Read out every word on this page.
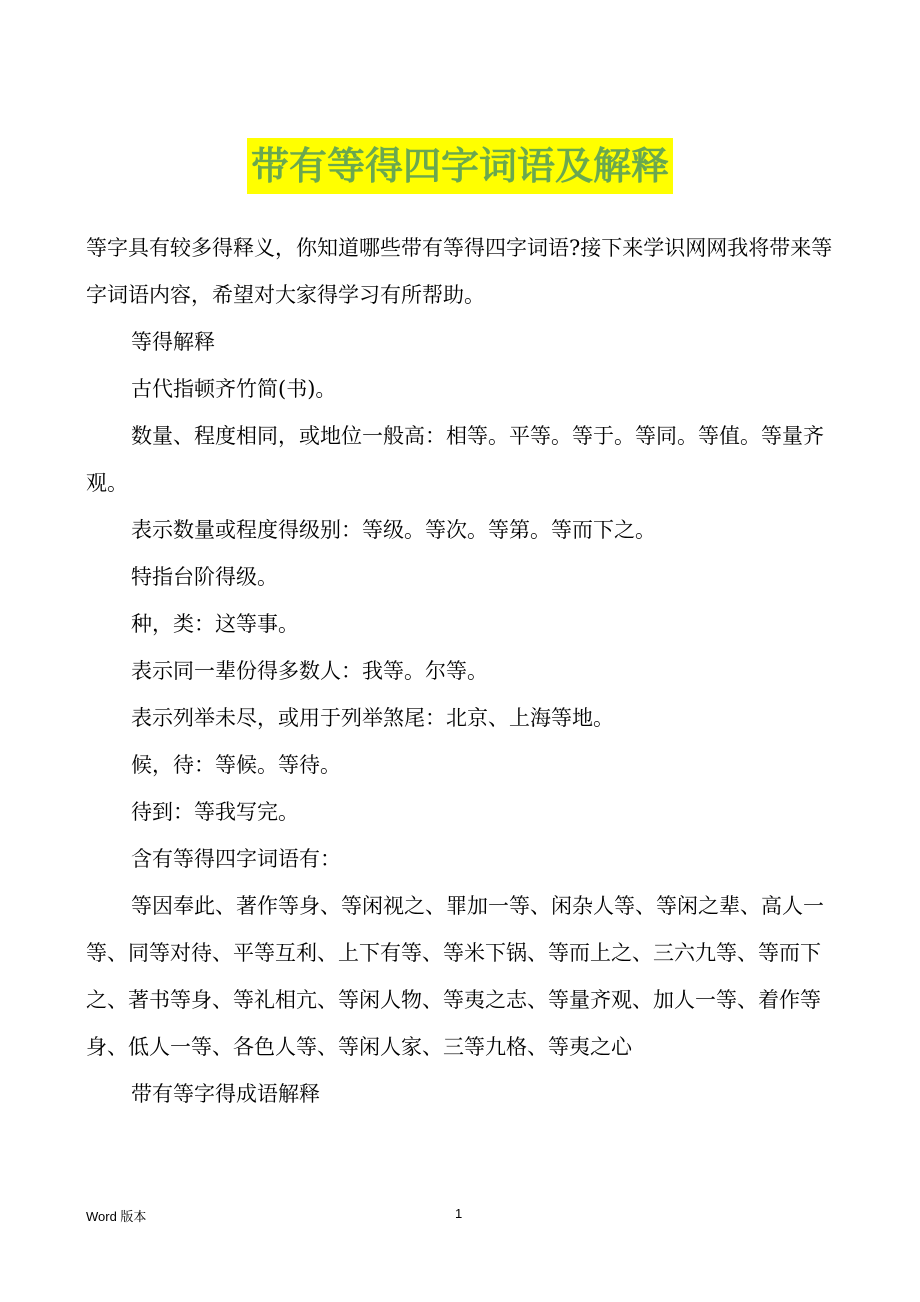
带有等得四字词语及解释

等字具有较多得释义，你知道哪些带有等得四字词语?接下来学识网网我将带来等字词语内容，希望对大家得学习有所帮助。

等得解释

古代指顿齐竹简(书)。

数量、程度相同，或地位一般高：相等。平等。等于。等同。等值。等量齐观。

表示数量或程度得级别：等级。等次。等第。等而下之。

特指台阶得级。

种，类：这等事。

表示同一辈份得多数人：我等。尔等。

表示列举未尽，或用于列举煞尾：北京、上海等地。

候，待：等候。等待。

待到：等我写完。

含有等得四字词语有：

等因奉此、著作等身、等闲视之、罪加一等、闲杂人等、等闲之辈、高人一等、同等对待、平等互利、上下有等、等米下锅、等而上之、三六九等、等而下之、著书等身、等礼相亢、等闲人物、等夷之志、等量齐观、加人一等、着作等身、低人一等、各色人等、等闲人家、三等九格、等夷之心

带有等字得成语解释

Word 版本	1
